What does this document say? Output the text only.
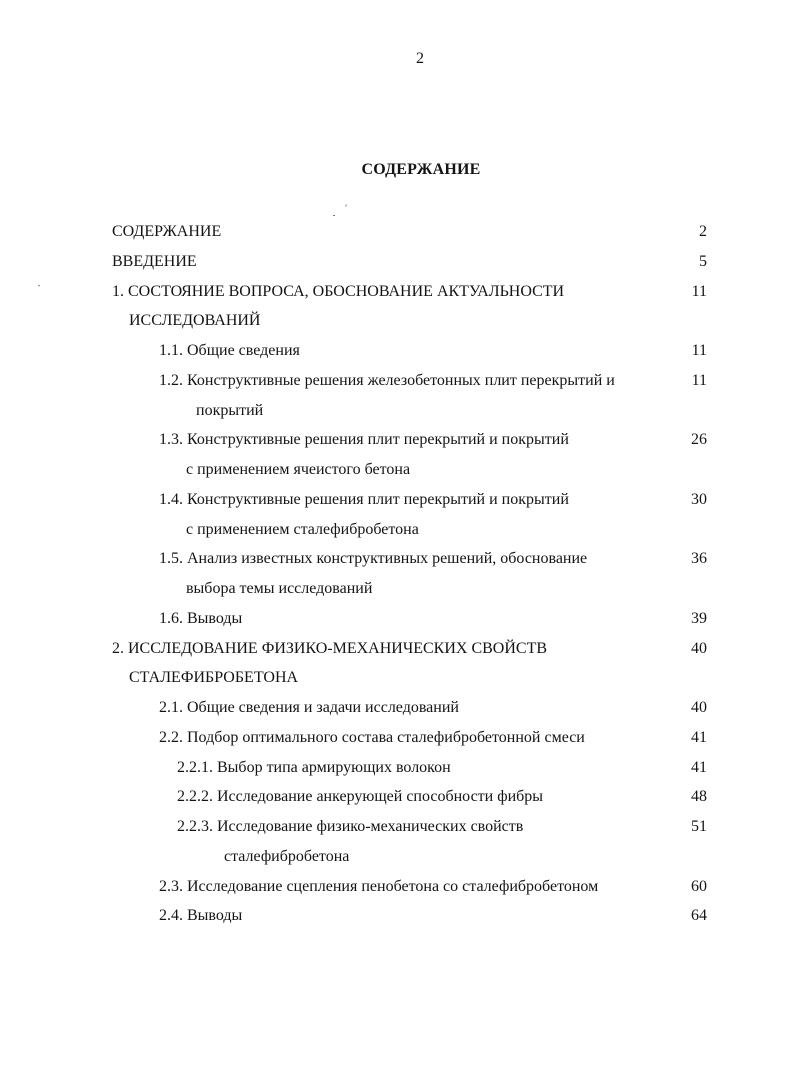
2
СОДЕРЖАНИЕ
СОДЕРЖАНИЕ	2
ВВЕДЕНИЕ	5
1. СОСТОЯНИЕ ВОПРОСА, ОБОСНОВАНИЕ АКТУАЛЬНОСТИ	11
ИССЛЕДОВАНИЙ
1.1. Общие сведения	11
1.2. Конструктивные решения железобетонных плит перекрытий и	11
покрытий
1.3. Конструктивные решения плит перекрытий и покрытий	26
с применением ячеистого бетона
1.4. Конструктивные решения плит перекрытий и покрытий	30
с применением сталефибробетона
1.5. Анализ известных конструктивных решений, обоснование	36
выбора темы исследований
1.6. Выводы	39
2. ИССЛЕДОВАНИЕ ФИЗИКО-МЕХАНИЧЕСКИХ СВОЙСТВ	40
СТАЛЕФИБРОБЕТОНА
2.1. Общие сведения и задачи исследований	40
2.2. Подбор оптимального состава сталефибробетонной смеси	41
2.2.1. Выбор типа армирующих волокон	41
2.2.2. Исследование анкерующей способности фибры	48
2.2.3. Исследование физико-механических свойств	51
сталефибробетона
2.3. Исследование сцепления пенобетона со сталефибробетоном	60
2.4. Выводы	64
